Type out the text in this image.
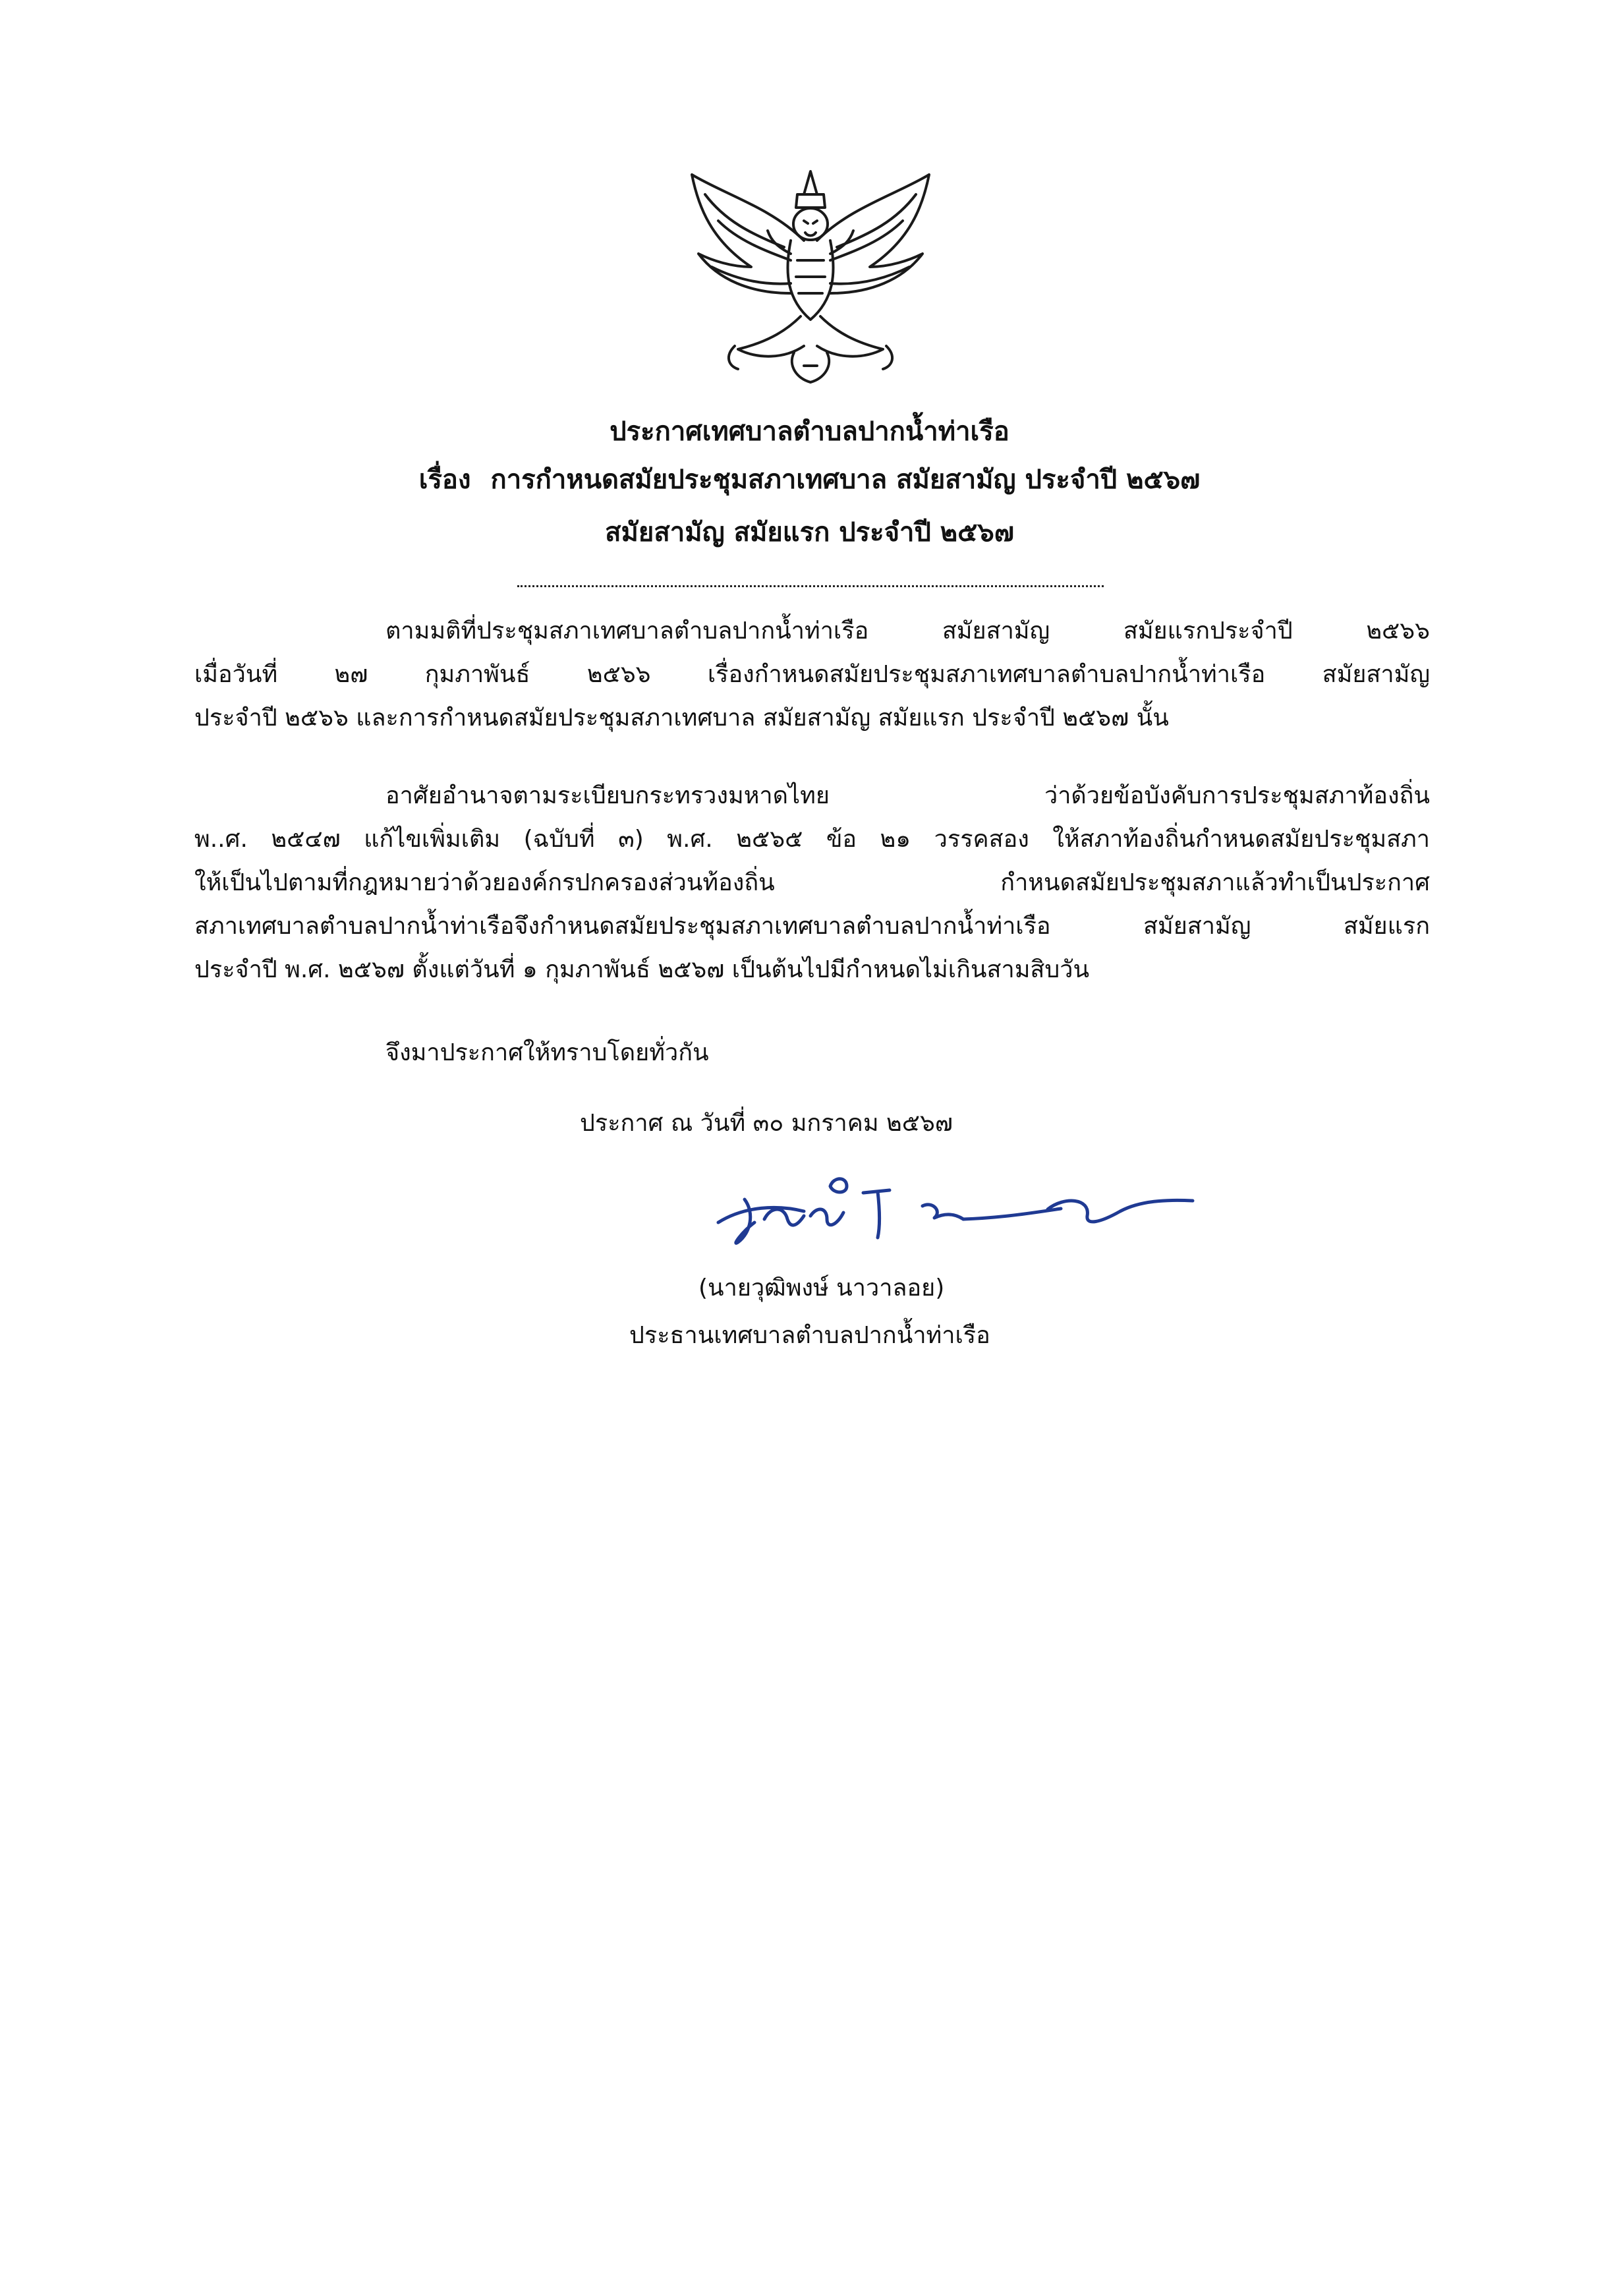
ประกาศเทศบาลตำบลปากน้ำท่าเรือ
เรื่อง การกำหนดสมัยประชุมสภาเทศบาล สมัยสามัญ ประจำปี ๒๕๖๗
สมัยสามัญ สมัยแรก ประจำปี ๒๕๖๗
ตามมติที่ประชุมสภาเทศบาลตำบลปากน้ำท่าเรือ สมัยสามัญ สมัยแรกประจำปี ๒๕๖๖
เมื่อวันที่ ๒๗ กุมภาพันธ์ ๒๕๖๖ เรื่องกำหนดสมัยประชุมสภาเทศบาลตำบลปากน้ำท่าเรือ สมัยสามัญ
ประจำปี ๒๕๖๖ และการกำหนดสมัยประชุมสภาเทศบาล สมัยสามัญ สมัยแรก ประจำปี ๒๕๖๗ นั้น
อาศัยอำนาจตามระเบียบกระทรวงมหาดไทย ว่าด้วยข้อบังคับการประชุมสภาท้องถิ่น
พ..ศ. ๒๕๔๗ แก้ไขเพิ่มเติม (ฉบับที่ ๓) พ.ศ. ๒๕๖๕ ข้อ ๒๑ วรรคสอง ให้สภาท้องถิ่นกำหนดสมัยประชุมสภา
ให้เป็นไปตามที่กฎหมายว่าด้วยองค์กรปกครองส่วนท้องถิ่น กำหนดสมัยประชุมสภาแล้วทำเป็นประกาศ
สภาเทศบาลตำบลปากน้ำท่าเรือจึงกำหนดสมัยประชุมสภาเทศบาลตำบลปากน้ำท่าเรือ สมัยสามัญ สมัยแรก
ประจำปี พ.ศ. ๒๕๖๗ ตั้งแต่วันที่ ๑ กุมภาพันธ์ ๒๕๖๗ เป็นต้นไปมีกำหนดไม่เกินสามสิบวัน
จึงมาประกาศให้ทราบโดยทั่วกัน
ประกาศ ณ วันที่ ๓๐ มกราคม ๒๕๖๗
(นายวุฒิพงษ์ นาวาลอย)
ประธานเทศบาลตำบลปากน้ำท่าเรือ
